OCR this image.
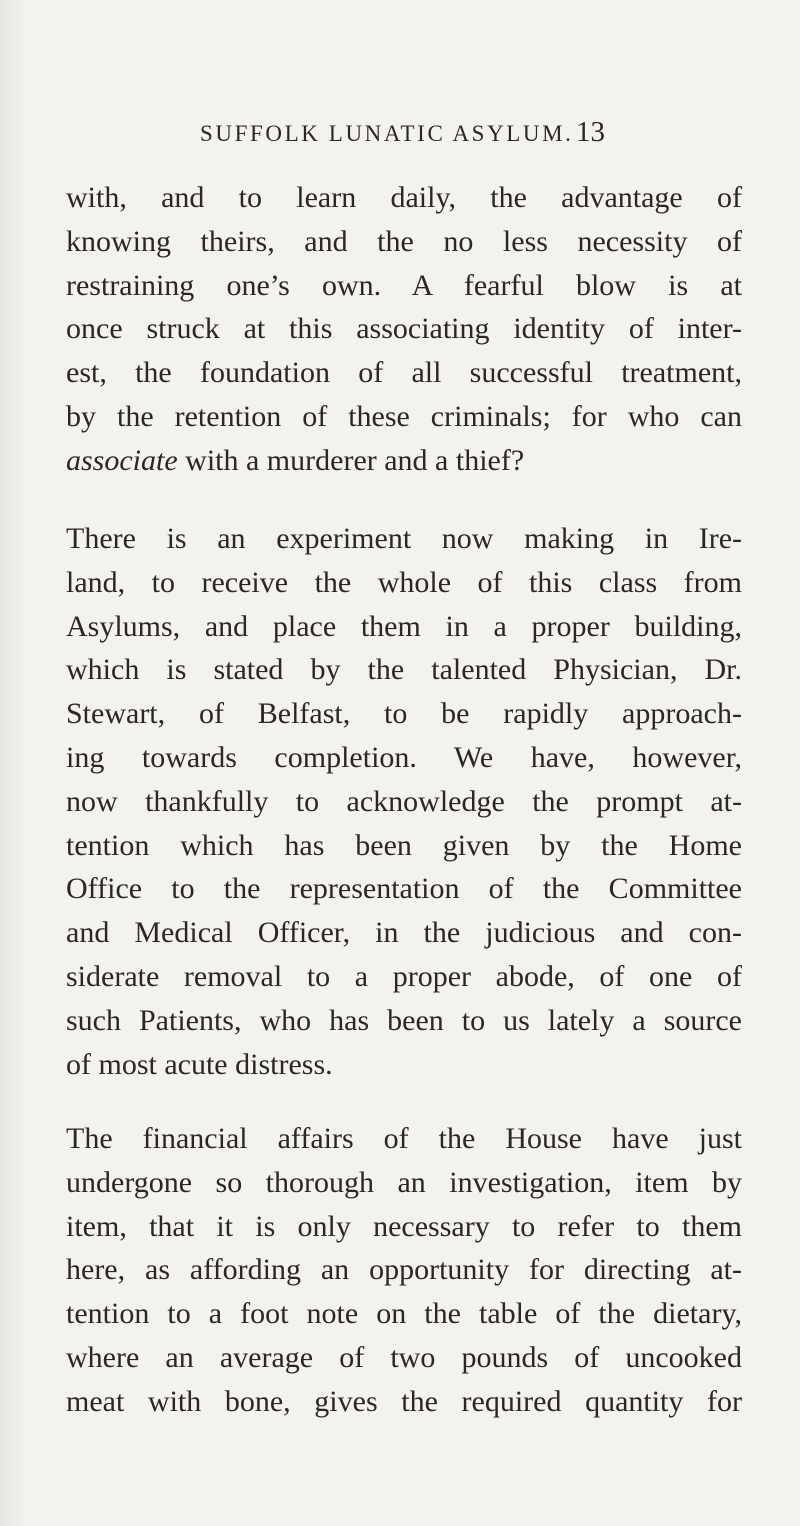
SUFFOLK LUNATIC ASYLUM. 13
with, and to learn daily, the advantage of
knowing theirs, and the no less necessity of
restraining one’s own. A fearful blow is at
once struck at this associating identity of inter-
est, the foundation of all successful treatment,
by the retention of these criminals; for who can
associate with a murderer and a thief?
There is an experiment now making in Ire-
land, to receive the whole of this class from
Asylums, and place them in a proper building,
which is stated by the talented Physician, Dr.
Stewart, of Belfast, to be rapidly approach-
ing towards completion. We have, however,
now thankfully to acknowledge the prompt at-
tention which has been given by the Home
Office to the representation of the Committee
and Medical Officer, in the judicious and con-
siderate removal to a proper abode, of one of
such Patients, who has been to us lately a source
of most acute distress.
The financial affairs of the House have just
undergone so thorough an investigation, item by
item, that it is only necessary to refer to them
here, as affording an opportunity for directing at-
tention to a foot note on the table of the dietary,
where an average of two pounds of uncooked
meat with bone, gives the required quantity for
